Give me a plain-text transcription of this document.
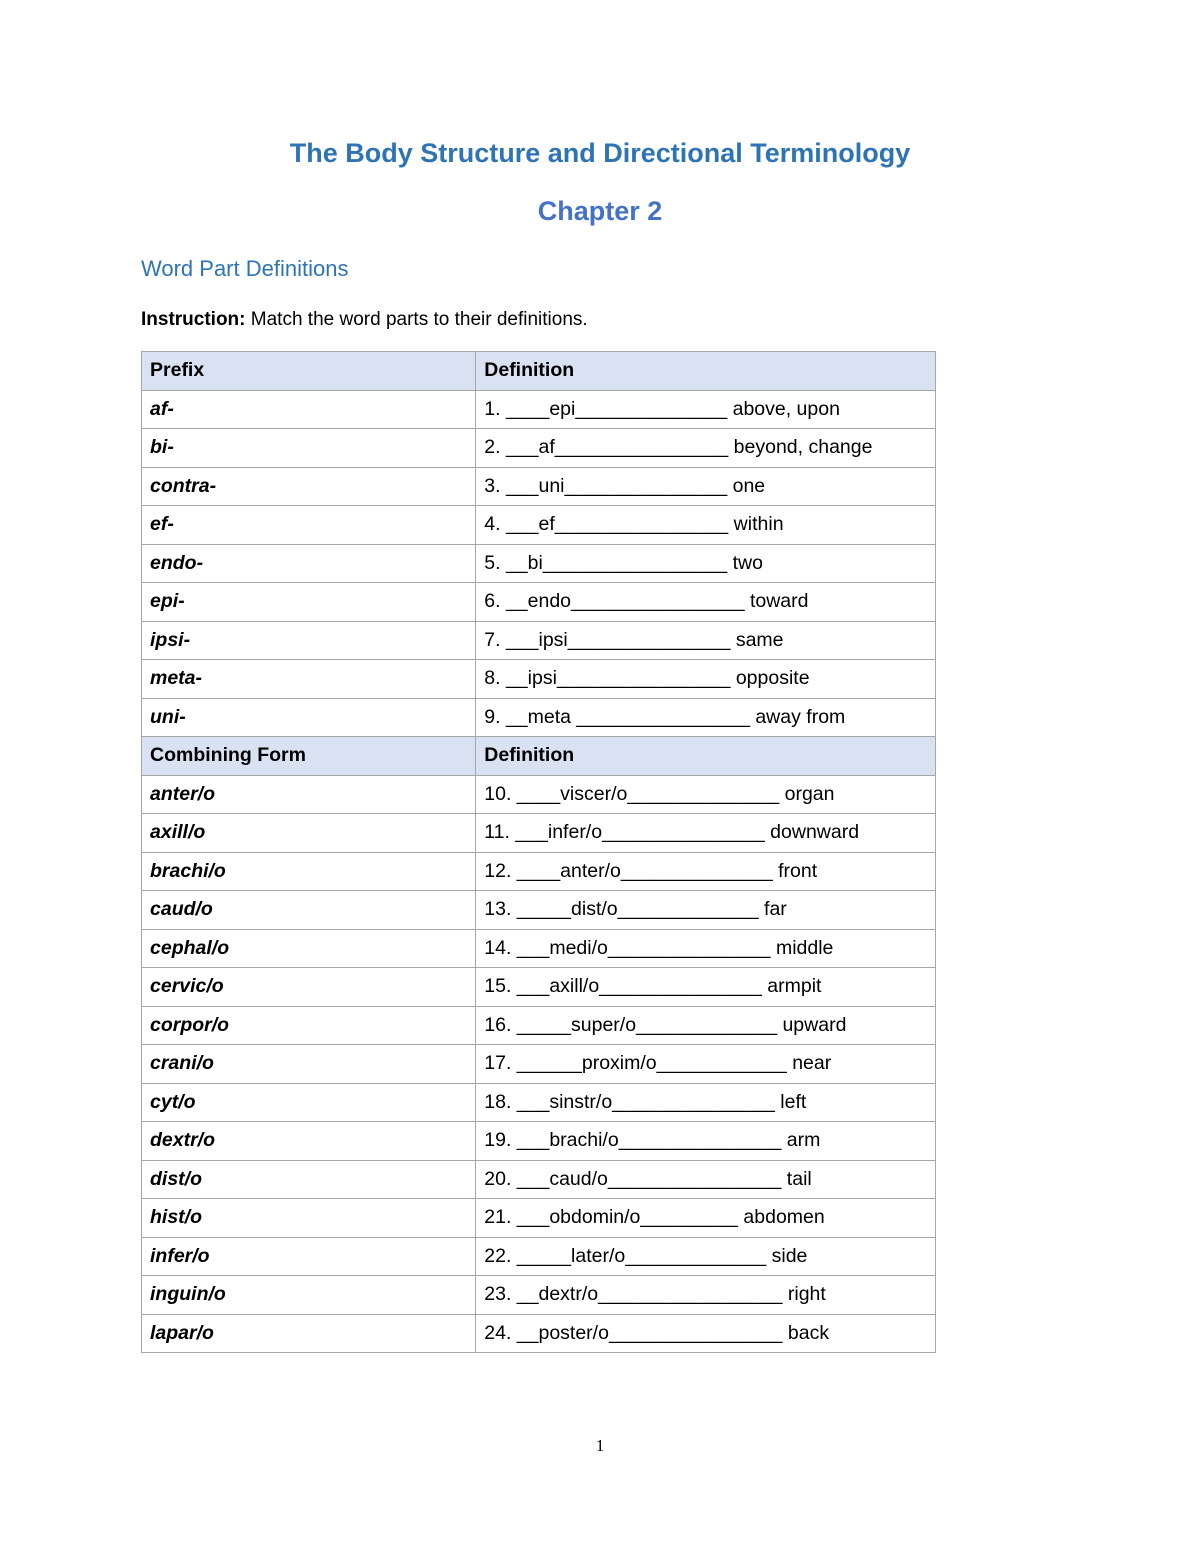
The Body Structure and Directional Terminology
Chapter 2
Word Part Definitions

Instruction: Match the word parts to their definitions.

Prefix	Definition
af-	1. ____epi______________ above, upon
bi-	2. ___af________________ beyond, change
contra-	3. ___uni_______________ one
ef-	4. ___ef________________ within
endo-	5. __bi_________________ two
epi-	6. __endo________________ toward
ipsi-	7. ___ipsi_______________ same
meta-	8. __ipsi________________ opposite
uni-	9. __meta ________________ away from
Combining Form	Definition
anter/o	10. ____viscer/o______________ organ
axill/o	11. ___infer/o_______________ downward
brachi/o	12. ____anter/o______________ front
caud/o	13. _____dist/o_____________ far
cephal/o	14. ___medi/o_______________ middle
cervic/o	15. ___axill/o_______________ armpit
corpor/o	16. _____super/o_____________ upward
crani/o	17. ______proxim/o____________ near
cyt/o	18. ___sinstr/o_______________ left
dextr/o	19. ___brachi/o_______________ arm
dist/o	20. ___caud/o________________ tail
hist/o	21. ___obdomin/o_________ abdomen
infer/o	22. _____later/o_____________ side
inguin/o	23. __dextr/o_________________ right
lapar/o	24. __poster/o________________ back
1
